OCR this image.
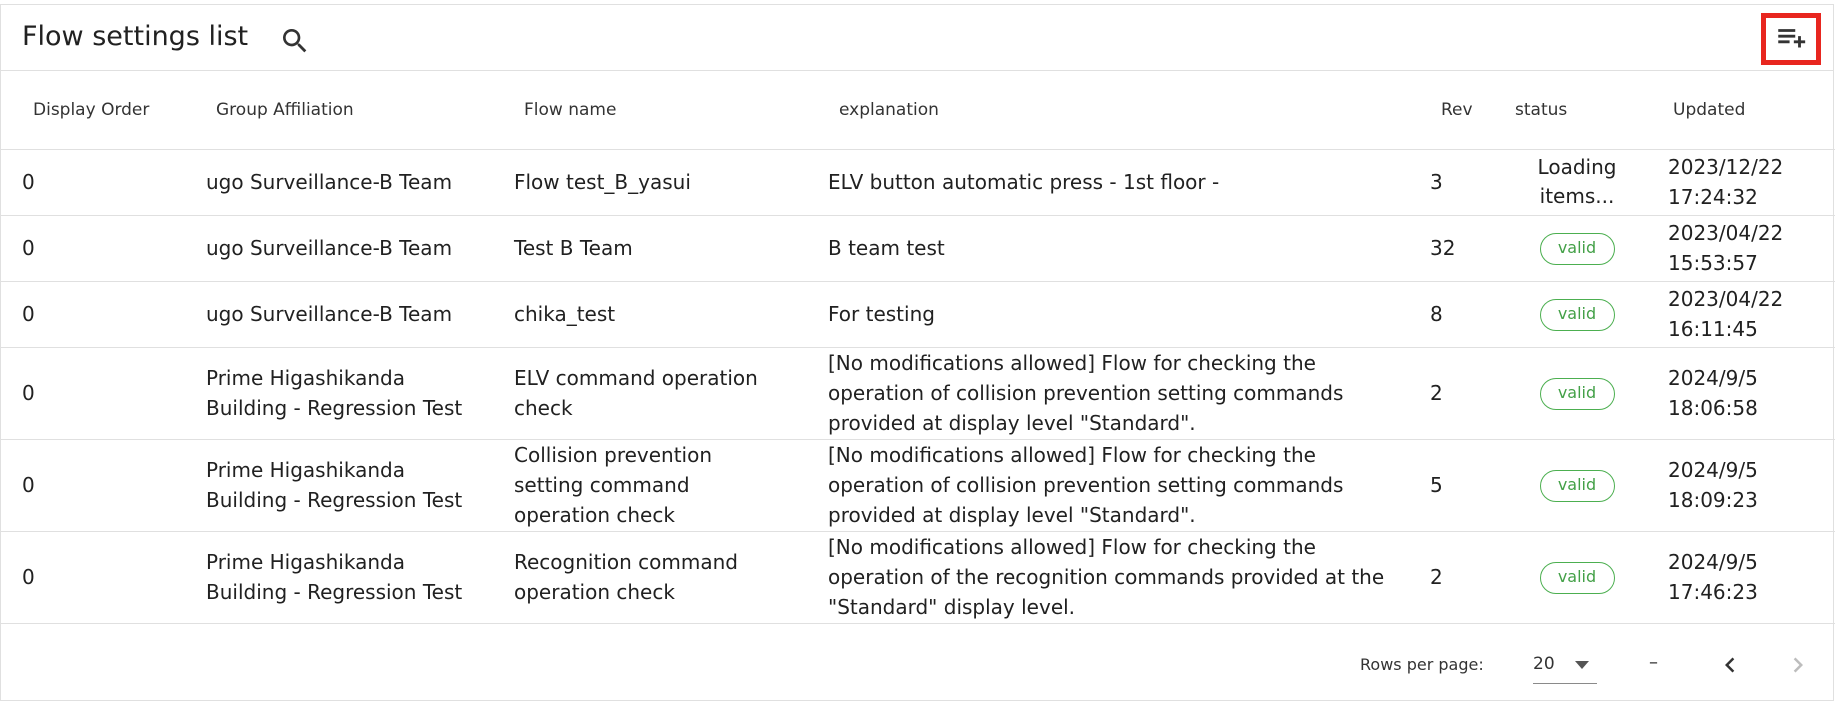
Flow settings list
Display Order	Group Affiliation	Flow name	explanation	Rev	status	Updated
0	ugo Surveillance-B Team	Flow test_B_yasui	ELV button automatic press - 1st floor -	3	Loading items...	2023/12/22
17:24:32

0	ugo Surveillance-B Team	Test B Team	B team test	32	valid	2023/04/22
15:53:57

0	ugo Surveillance-B Team	chika_test	For testing	8	valid	2023/04/22
16:11:45

0	Prime Higashikanda Building - Regression Test	ELV command operation check	[No modifications allowed] Flow for checking the operation of collision prevention setting commands provided at display level "Standard".	2	valid	2024/9/5
18:06:58

0	Prime Higashikanda Building - Regression Test	Collision prevention setting command operation check	[No modifications allowed] Flow for checking the operation of collision prevention setting commands provided at display level "Standard".	5	valid	2024/9/5
18:09:23

0	Prime Higashikanda Building - Regression Test	Recognition command operation check	[No modifications allowed] Flow for checking the operation of the recognition commands provided at the "Standard" display level.	2	valid	2024/9/5
17:46:23
Rows per page:	20	–
